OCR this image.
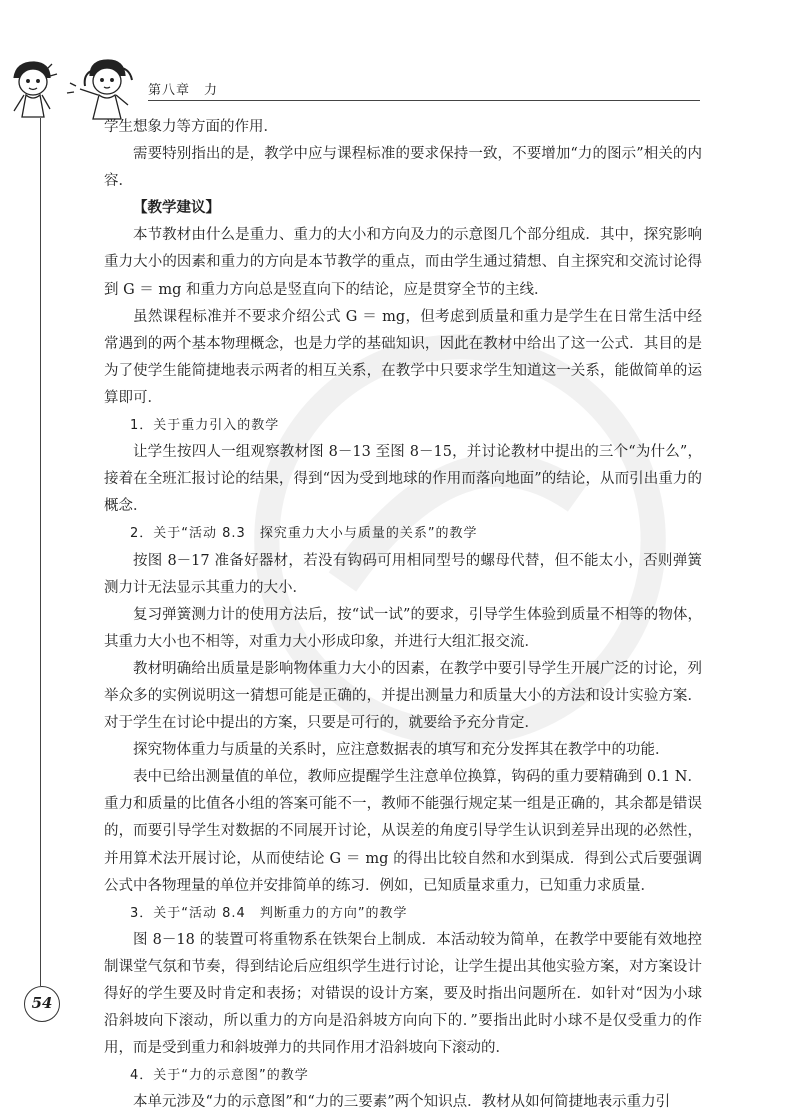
第八章　力

学生想象力等方面的作用．

需要特别指出的是，教学中应与课程标准的要求保持一致，不要增加“力的图示”相关的内容．

【教学建议】

本节教材由什么是重力、重力的大小和方向及力的示意图几个部分组成．其中，探究影响重力大小的因素和重力的方向是本节教学的重点，而由学生通过猜想、自主探究和交流讨论得到 G ＝ mg 和重力方向总是竖直向下的结论，应是贯穿全节的主线．

虽然课程标准并不要求介绍公式 G ＝ mg，但考虑到质量和重力是学生在日常生活中经常遇到的两个基本物理概念，也是力学的基础知识，因此在教材中给出了这一公式．其目的是为了使学生能简捷地表示两者的相互关系，在教学中只要求学生知道这一关系，能做简单的运算即可．

1．关于重力引入的教学

让学生按四人一组观察教材图 8－13 至图 8－15，并讨论教材中提出的三个“为什么”，接着在全班汇报讨论的结果，得到“因为受到地球的作用而落向地面”的结论，从而引出重力的概念．

2．关于“活动 8.3　探究重力大小与质量的关系”的教学

按图 8－17 准备好器材，若没有钩码可用相同型号的螺母代替，但不能太小，否则弹簧测力计无法显示其重力的大小．

复习弹簧测力计的使用方法后，按“试一试”的要求，引导学生体验到质量不相等的物体，其重力大小也不相等，对重力大小形成印象，并进行大组汇报交流．

教材明确给出质量是影响物体重力大小的因素，在教学中要引导学生开展广泛的讨论，列举众多的实例说明这一猜想可能是正确的，并提出测量力和质量大小的方法和设计实验方案．对于学生在讨论中提出的方案，只要是可行的，就要给予充分肯定．

探究物体重力与质量的关系时，应注意数据表的填写和充分发挥其在教学中的功能．

表中已给出测量值的单位，教师应提醒学生注意单位换算，钩码的重力要精确到 0.1 N．重力和质量的比值各小组的答案可能不一，教师不能强行规定某一组是正确的，其余都是错误的，而要引导学生对数据的不同展开讨论，从误差的角度引导学生认识到差异出现的必然性，并用算术法开展讨论，从而使结论 G ＝ mg 的得出比较自然和水到渠成．得到公式后要强调公式中各物理量的单位并安排简单的练习．例如，已知质量求重力，已知重力求质量．

3．关于“活动 8.4　判断重力的方向”的教学

图 8－18 的装置可将重物系在铁架台上制成．本活动较为简单，在教学中要能有效地控制课堂气氛和节奏，得到结论后应组织学生进行讨论，让学生提出其他实验方案，对方案设计得好的学生要及时肯定和表扬；对错误的设计方案，要及时指出问题所在．如针对“因为小球沿斜坡向下滚动，所以重力的方向是沿斜坡方向向下的．”要指出此时小球不是仅受重力的作用，而是受到重力和斜坡弹力的共同作用才沿斜坡向下滚动的．

4．关于“力的示意图”的教学

本单元涉及“力的示意图”和“力的三要素”两个知识点．教材从如何简捷地表示重力引

54
